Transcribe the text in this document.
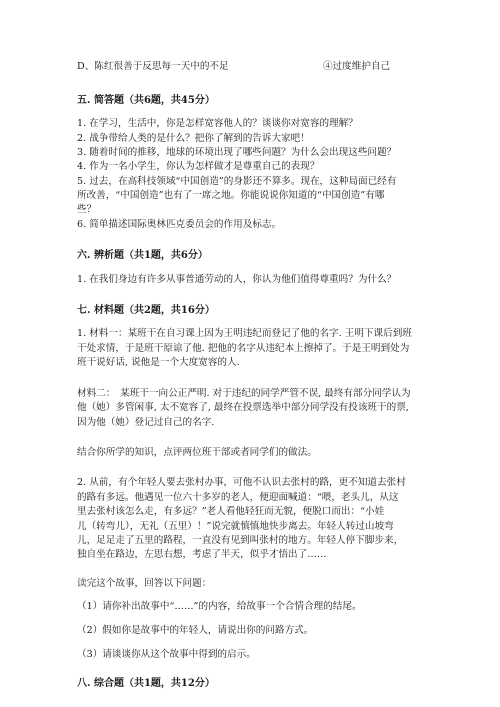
D、陈红很善于反思每一天中的不足	④过度维护自己

五. 简答题（共6题，共45分）

1. 在学习，生活中，你是怎样宽容他人的？谈谈你对宽容的理解？

2. 战争带给人类的是什么？把你了解到的告诉大家吧！

3. 随着时间的推移，地球的环境出现了哪些问题？为什么会出现这些问题？

4. 作为一名小学生，你认为怎样做才是尊重自己的表现？

5. 过去，在高科技领域“中国创造”的身影还不算多。现在，这种局面已经有

所改善，“中国创造”也有了一席之地。你能说说你知道的“中国创造”有哪

些？

6. 简单描述国际奥林匹克委员会的作用及标志。

六. 辨析题（共1题，共6分）

1. 在我们身边有许多从事普通劳动的人，你认为他们值得尊重吗？为什么？

七. 材料题（共2题，共16分）

1. 材料一：某班干在自习课上因为王明违纪而登记了他的名字. 王明下课后到班

干处求情，于是班干原谅了他. 把他的名字从违纪本上擦掉了。于是王明到处为

班干说好话, 说他是一个大度宽容的人.

材料二：　某班干一向公正严明. 对于违纪的同学严管不误, 最终有部分同学认为

他（她）多管闲事, 太不宽容了, 最终在投票选举中部分同学没有投该班干的票,

因为他（她）登记过自己的名字.

结合你所学的知识，点评两位班干部或者同学们的做法。

2. 从前，有个年轻人要去张村办事，可他不认识去张村的路，更不知道去张村

的路有多远。他遇见一位六十多岁的老人，便迎面喊道：“喂，老头儿，从这

里去张村该怎么走，有多远？”老人看他轻狂而无貌，便脱口而出：“小娃

儿（转弯儿），无礼（五里）！”说完就慎慎地快步离去。年轻人转过山坡弯

儿，足足走了五里的路程，一直没有见到叫张村的地方。年轻人停下脚步来，

独自坐在路边，左思右想，考虑了半天，似乎才悟出了……

读完这个故事，回答以下问题：

（1）请你补出故事中“……”的内容，给故事一个合情合理的结尾。

（2）假如你是故事中的年轻人，请说出你的问路方式。

（3）请谈谈你从这个故事中得到的启示。

八. 综合题（共1题，共12分）
